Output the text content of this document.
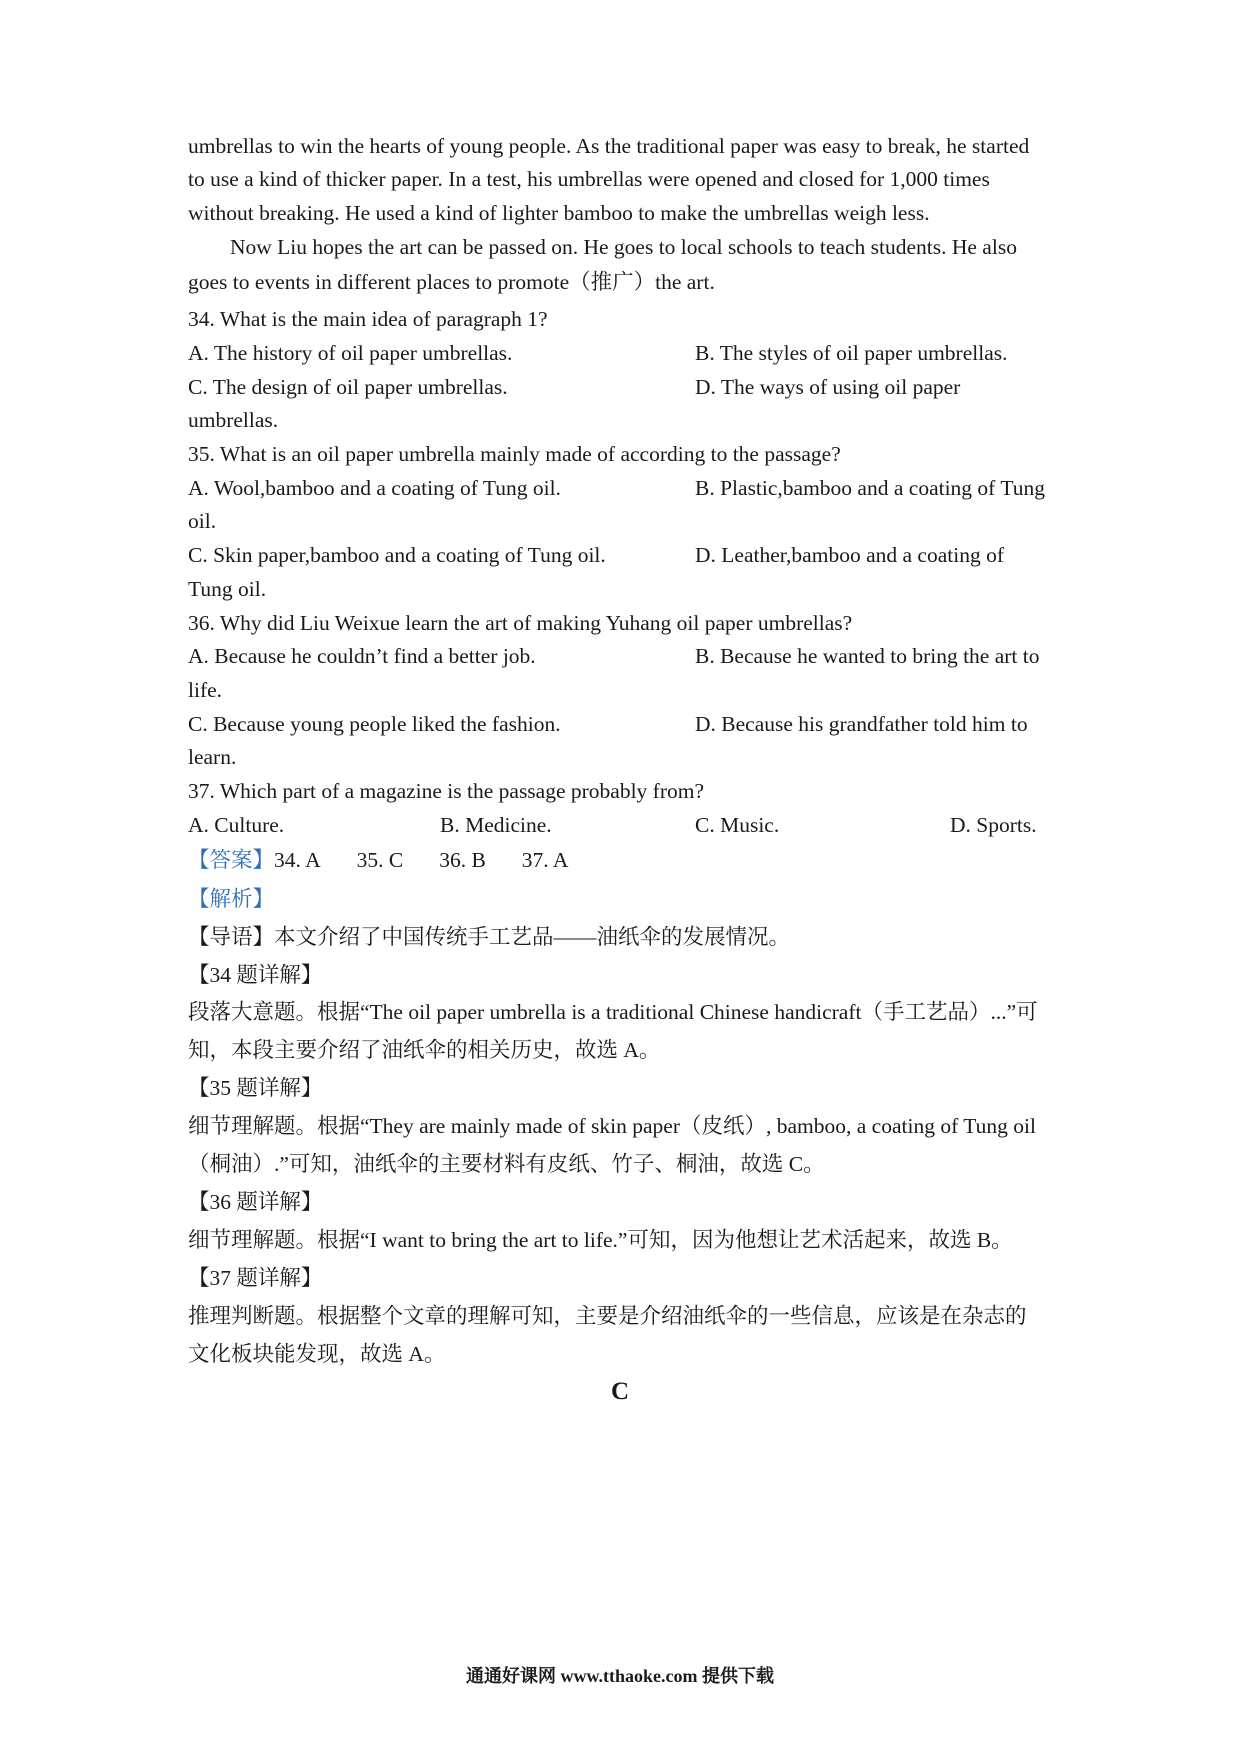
umbrellas to win the hearts of young people. As the traditional paper was easy to break, he started
to use a kind of thicker paper. In a test, his umbrellas were opened and closed for 1,000 times
without breaking. He used a kind of lighter bamboo to make the umbrellas weigh less.
Now Liu hopes the art can be passed on. He goes to local schools to teach students. He also
goes to events in different places to promote（推广）the art.
34. What is the main idea of paragraph 1?
A. The history of oil paper umbrellas.	B. The styles of oil paper umbrellas.
C. The design of oil paper umbrellas.	D. The ways of using oil paper
umbrellas.
35. What is an oil paper umbrella mainly made of according to the passage?
A. Wool,bamboo and a coating of Tung oil.	B. Plastic,bamboo and a coating of Tung
oil.
C. Skin paper,bamboo and a coating of Tung oil.	D. Leather,bamboo and a coating of
Tung oil.
36. Why did Liu Weixue learn the art of making Yuhang oil paper umbrellas?
A. Because he couldn’t find a better job.	B. Because he wanted to bring the art to
life.
C. Because young people liked the fashion.	D. Because his grandfather told him to
learn.
37. Which part of a magazine is the passage probably from?
A. Culture.	B. Medicine.	C. Music.	D. Sports.
【答案】34. A 35. C 36. B 37. A
【解析】
【导语】本文介绍了中国传统手工艺品——油纸伞的发展情况。
【34 题详解】
段落大意题。根据“The oil paper umbrella is a traditional Chinese handicraft（手工艺品）...”可
知，本段主要介绍了油纸伞的相关历史，故选 A。
【35 题详解】
细节理解题。根据“They are mainly made of skin paper（皮纸）, bamboo, a coating of Tung oil
（桐油）.”可知，油纸伞的主要材料有皮纸、竹子、桐油，故选 C。
【36 题详解】
细节理解题。根据“I want to bring the art to life.”可知，因为他想让艺术活起来，故选 B。
【37 题详解】
推理判断题。根据整个文章的理解可知，主要是介绍油纸伞的一些信息，应该是在杂志的
文化板块能发现，故选 A。
C
通通好课网 www.tthaoke.com 提供下载
